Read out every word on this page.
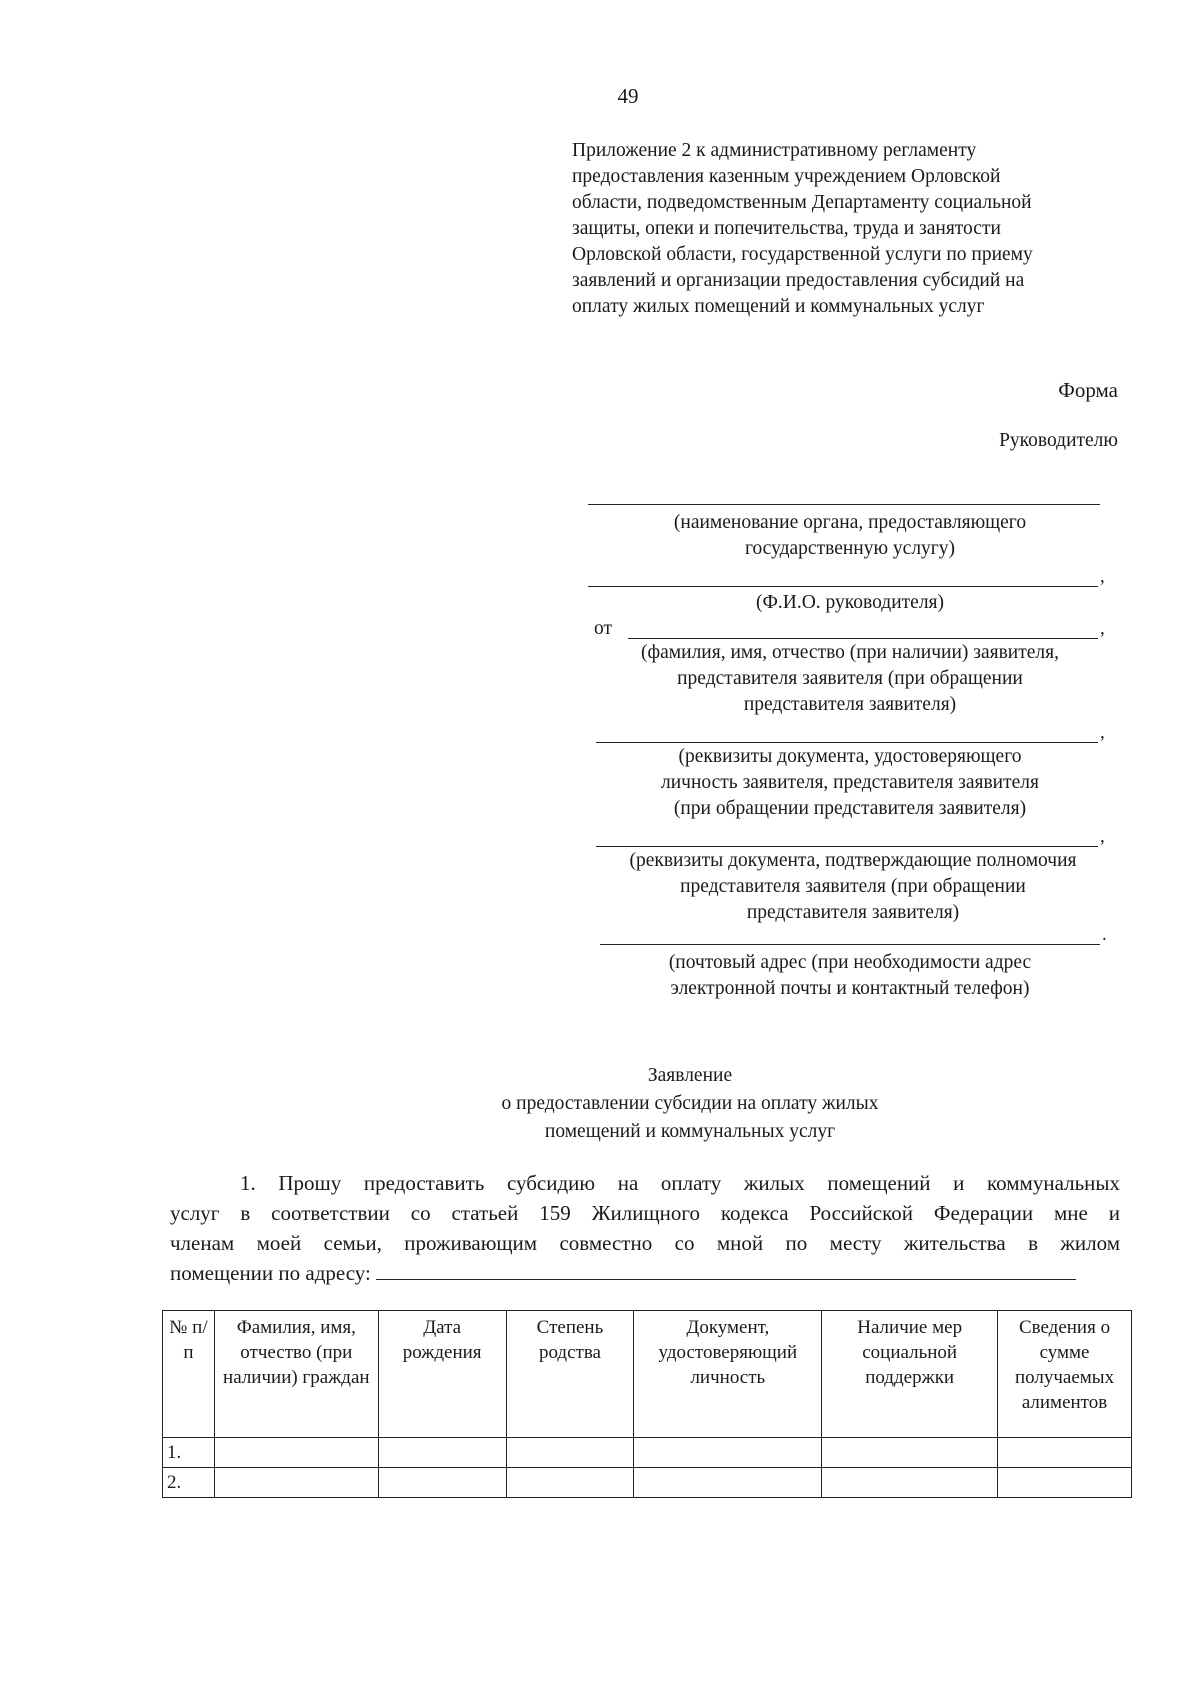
49
Приложение 2 к административному регламенту
предоставления казенным учреждением Орловской
области, подведомственным Департаменту социальной
защиты, опеки и попечительства, труда и занятости
Орловской области, государственной услуги по приему
заявлений и организации предоставления субсидий на
оплату жилых помещений и коммунальных услуг
Форма
Руководителю
(наименование органа, предоставляющего
государственную услугу)
,
(Ф.И.О. руководителя)
от	,
(фамилия, имя, отчество (при наличии) заявителя,
представителя заявителя (при обращении
представителя заявителя)
,
(реквизиты документа, удостоверяющего
личность заявителя, представителя заявителя
(при обращении представителя заявителя)
,
(реквизиты документа, подтверждающие полномочия
представителя заявителя (при обращении
представителя заявителя)
.
(почтовый адрес (при необходимости адрес
электронной почты и контактный телефон)
Заявление
о предоставлении субсидии на оплату жилых
помещений и коммунальных услуг
1. Прошу предоставить субсидию на оплату жилых помещений и коммунальных
услуг в соответствии со статьей 159 Жилищного кодекса Российской Федерации мне и
членам моей семьи, проживающим совместно со мной по месту жительства в жилом
помещении по адресу:
№ п/п	Фамилия, имя, отчество (при наличии) граждан	Дата рождения	Степень родства	Документ, удостоверяющий личность	Наличие мер социальной поддержки	Сведения о сумме получаемых алиментов
1.						
2.						
